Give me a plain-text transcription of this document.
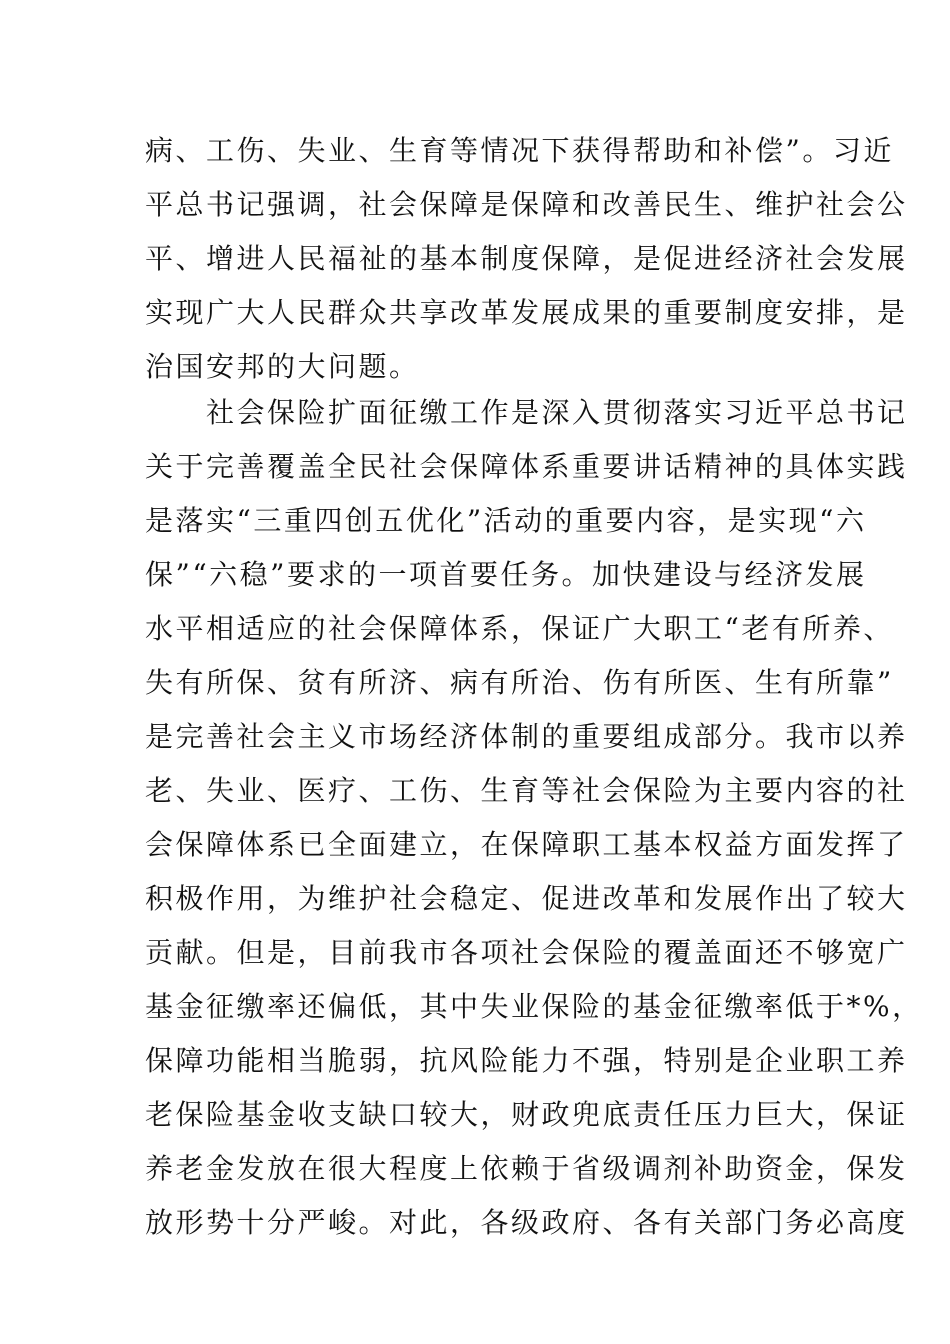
病、工伤、失业、生育等情况下获得帮助和补偿”。习近
平总书记强调，社会保障是保障和改善民生、维护社会公
平、增进人民福祉的基本制度保障，是促进经济社会发展
实现广大人民群众共享改革发展成果的重要制度安排，是
治国安邦的大问题。
　　社会保险扩面征缴工作是深入贯彻落实习近平总书记
关于完善覆盖全民社会保障体系重要讲话精神的具体实践
是落实“三重四创五优化”活动的重要内容，是实现“六
保”“六稳”要求的一项首要任务。加快建设与经济发展
水平相适应的社会保障体系，保证广大职工“老有所养、
失有所保、贫有所济、病有所治、伤有所医、生有所靠”
是完善社会主义市场经济体制的重要组成部分。我市以养
老、失业、医疗、工伤、生育等社会保险为主要内容的社
会保障体系已全面建立，在保障职工基本权益方面发挥了
积极作用，为维护社会稳定、促进改革和发展作出了较大
贡献。但是，目前我市各项社会保险的覆盖面还不够宽广
基金征缴率还偏低，其中失业保险的基金征缴率低于*%，
保障功能相当脆弱，抗风险能力不强，特别是企业职工养
老保险基金收支缺口较大，财政兜底责任压力巨大，保证
养老金发放在很大程度上依赖于省级调剂补助资金，保发
放形势十分严峻。对此，各级政府、各有关部门务必高度
